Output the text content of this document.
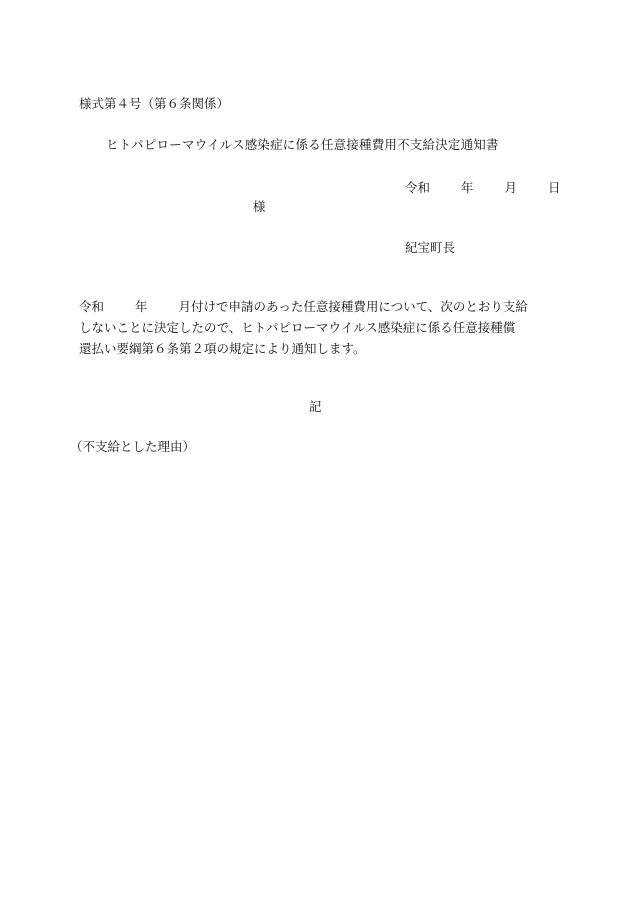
様式第４号（第６条関係）
ヒトパピローマウイルス感染症に係る任意接種費用不支給決定通知書
令和 年 月 日
様
紀宝町長
令和 年 月付けで申請のあった任意接種費用について、次のとおり支給
しないことに決定したので、ヒトパピローマウイルス感染症に係る任意接種償
還払い要綱第６条第２項の規定により通知します。
記
（不支給とした理由）
